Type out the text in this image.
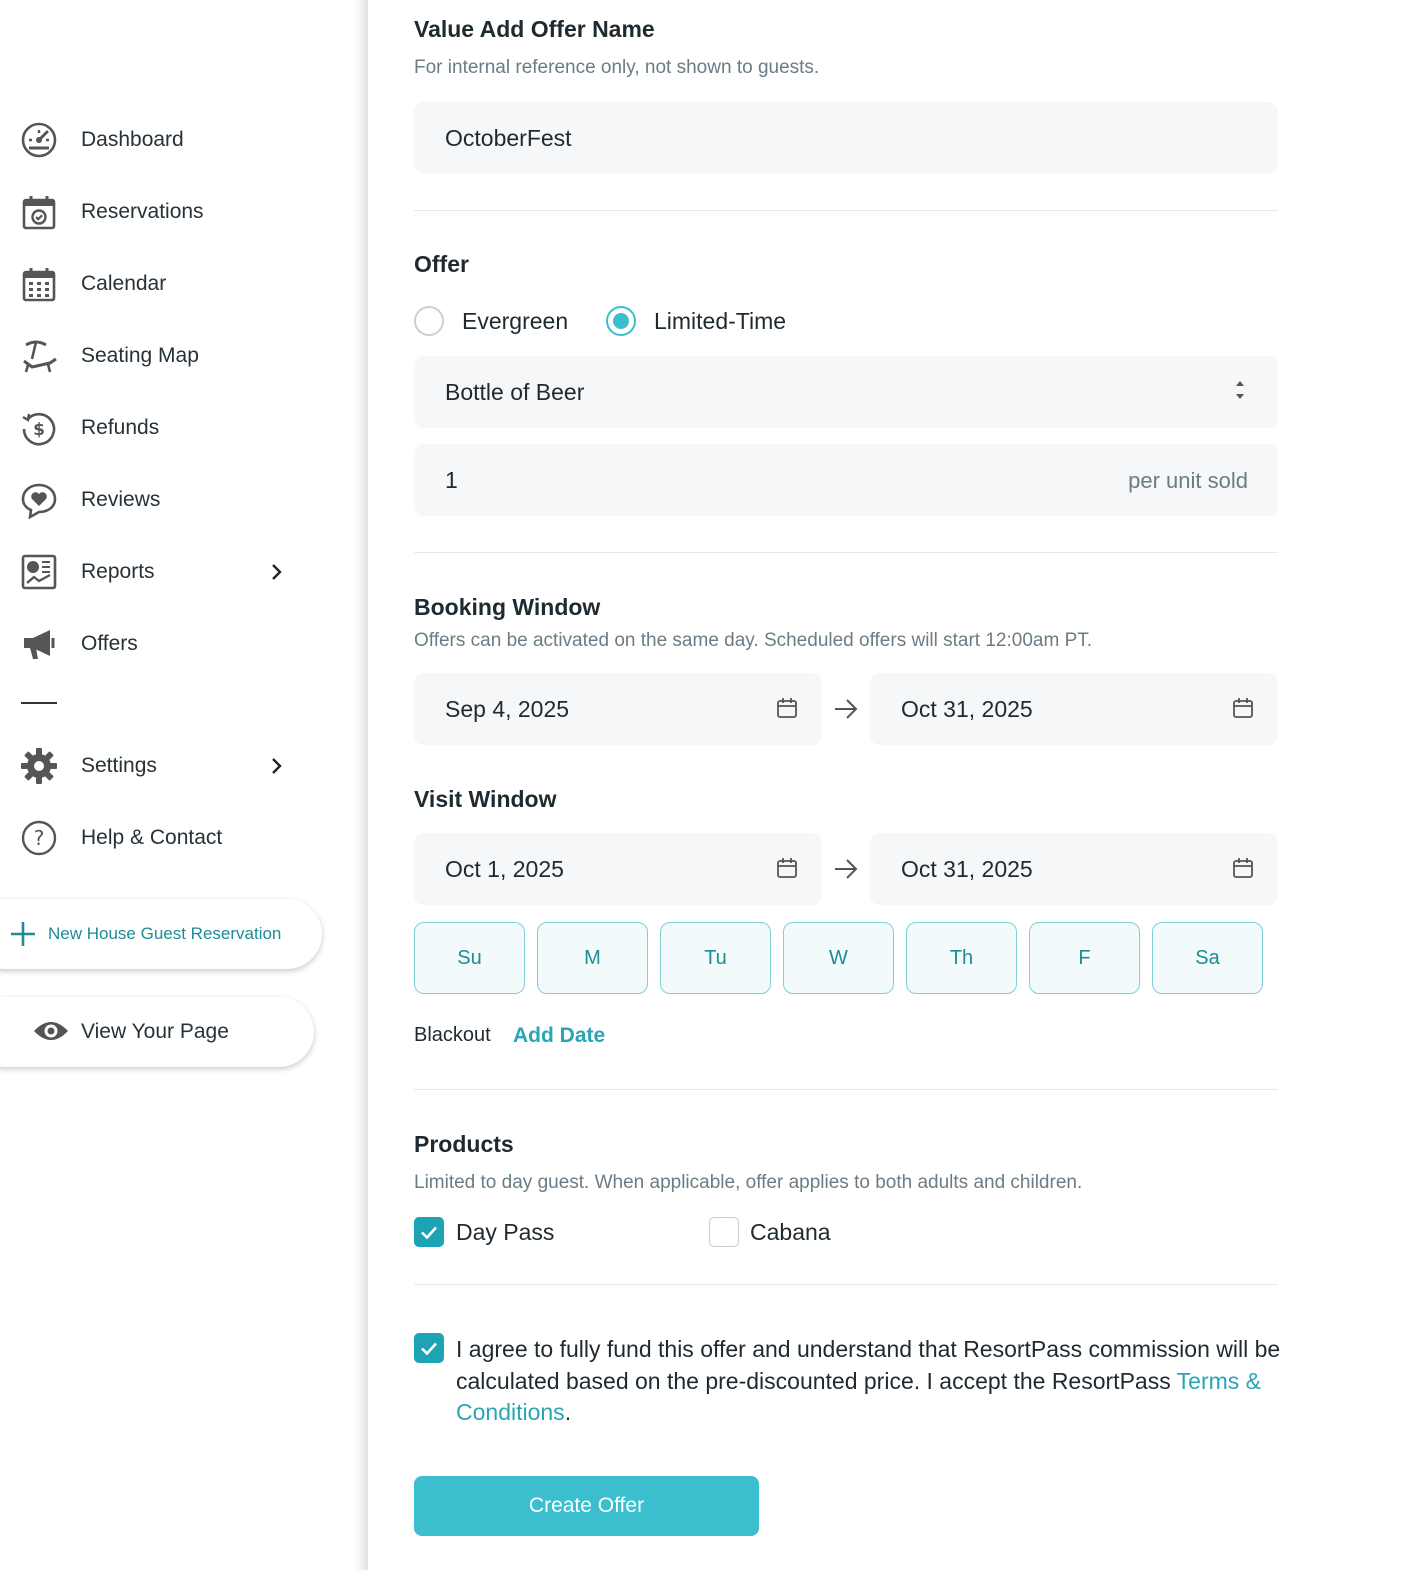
Dashboard
Reservations
Calendar
Seating Map
$ Refunds
Reviews
Reports
Offers
Settings
? Help & Contact
New House Guest Reservation
View Your Page
Value Add Offer Name
For internal reference only, not shown to guests.
OctoberFest
Offer
Evergreen	Limited-Time
Bottle of Beer
1	per unit sold
Booking Window
Offers can be activated on the same day. Scheduled offers will start 12:00am PT.
Sep 4, 2025	Oct 31, 2025
Visit Window
Oct 1, 2025	Oct 31, 2025
Su	M	Tu	W	Th	F	Sa
Blackout Add Date
Products
Limited to day guest. When applicable, offer applies to both adults and children.
Day Pass	Cabana
I agree to fully fund this offer and understand that ResortPass commission will be calculated based on the pre-discounted price. I accept the ResortPass Terms & Conditions.
Create Offer
